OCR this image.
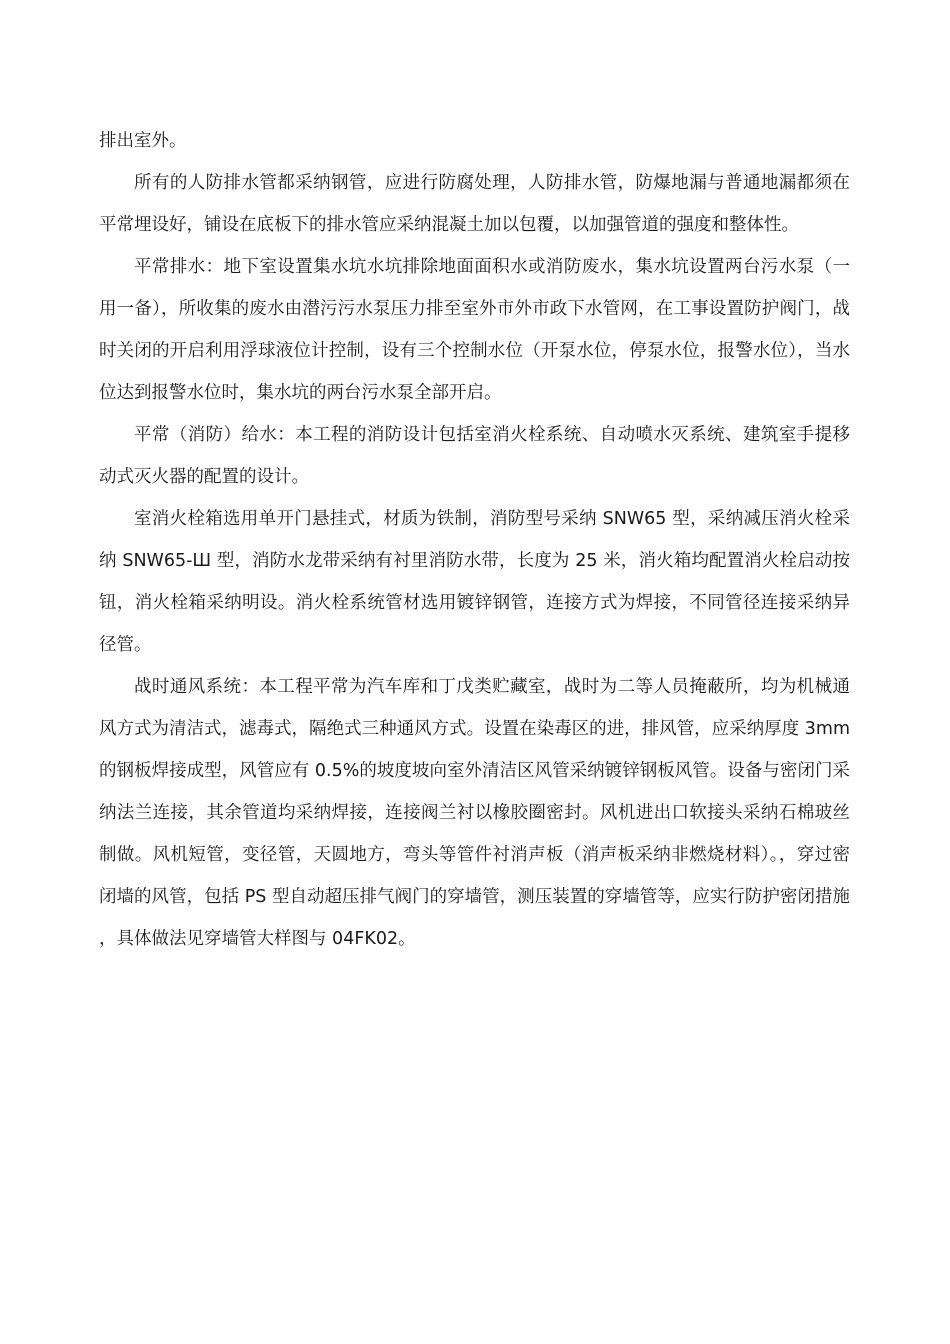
排出室外。

所有的人防排水管都采纳钢管，应进行防腐处理，人防排水管，防爆地漏与普通地漏都须在平常埋设好，铺设在底板下的排水管应采纳混凝土加以包覆，以加强管道的强度和整体性。

平常排水：地下室设置集水坑水坑排除地面面积水或消防废水，集水坑设置两台污水泵（一用一备），所收集的废水由潜污污水泵压力排至室外市外市政下水管网，在工事设置防护阀门，战时关闭的开启利用浮球液位计控制，设有三个控制水位（开泵水位，停泵水位，报警水位），当水位达到报警水位时，集水坑的两台污水泵全部开启。

平常（消防）给水：本工程的消防设计包括室消火栓系统、自动喷水灭系统、建筑室手提移动式灭火器的配置的设计。

室消火栓箱选用单开门悬挂式，材质为铁制，消防型号采纳 SNW65 型，采纳减压消火栓采纳 SNW65-Ш 型，消防水龙带采纳有衬里消防水带，长度为 25 米，消火箱均配置消火栓启动按钮，消火栓箱采纳明设。消火栓系统管材选用镀锌钢管，连接方式为焊接，不同管径连接采纳异径管。

战时通风系统：本工程平常为汽车库和丁戊类贮藏室，战时为二等人员掩蔽所，均为机械通风方式为清洁式，滤毒式，隔绝式三种通风方式。设置在染毒区的进，排风管，应采纳厚度 3mm 的钢板焊接成型，风管应有 0.5%的坡度坡向室外清洁区风管采纳镀锌钢板风管。设备与密闭门采纳法兰连接，其余管道均采纳焊接，连接阀兰衬以橡胶圈密封。风机进出口软接头采纳石棉玻丝制做。风机短管，变径管，天圆地方，弯头等管件衬消声板（消声板采纳非燃烧材料）。，穿过密闭墙的风管，包括 PS 型自动超压排气阀门的穿墙管，测压装置的穿墙管等，应实行防护密闭措施，具体做法见穿墙管大样图与 04FK02。
